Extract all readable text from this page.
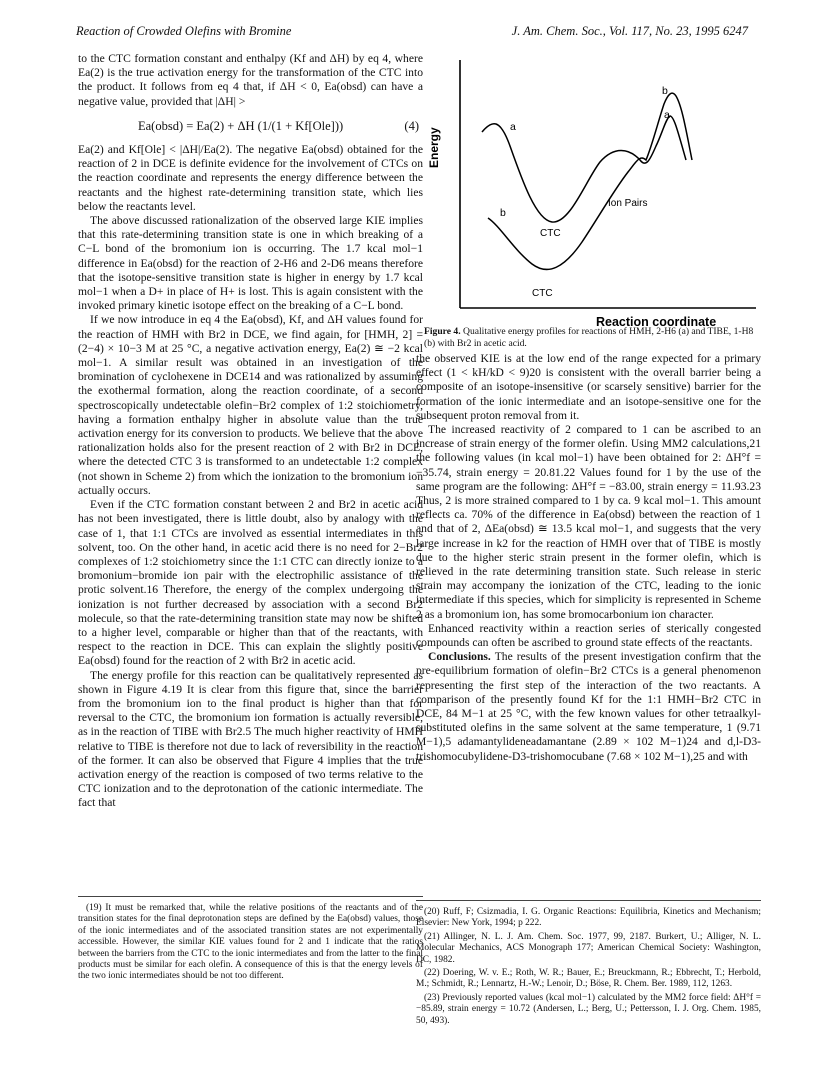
Reaction of Crowded Olefins with Bromine	J. Am. Chem. Soc., Vol. 117, No. 23, 1995 6247

to the CTC formation constant and enthalpy (Kf and ΔH) by eq 4, where Ea(2) is the true activation energy for the transformation of the CTC into the product. It follows from eq 4 that, if ΔH < 0, Ea(obsd) can have a negative value, provided that |ΔH| >

Ea(obsd) = Ea(2) + ΔH (1/(1 + Kf[Ole]))	(4)

Ea(2) and Kf[Ole] < |ΔH|/Ea(2). The negative Ea(obsd) obtained for the reaction of 2 in DCE is definite evidence for the involvement of CTCs on the reaction coordinate and represents the energy difference between the reactants and the highest rate-determining transition state, which lies below the reactants level.

The above discussed rationalization of the observed large KIE implies that this rate-determining transition state is one in which breaking of a C−L bond of the bromonium ion is occurring. The 1.7 kcal mol−1 difference in Ea(obsd) for the reaction of 2-H6 and 2-D6 means therefore that the isotope-sensitive transition state is higher in energy by 1.7 kcal mol−1 when a D+ in place of H+ is lost. This is again consistent with the invoked primary kinetic isotope effect on the breaking of a C−L bond.

If we now introduce in eq 4 the Ea(obsd), Kf, and ΔH values found for the reaction of HMH with Br2 in DCE, we find again, for [HMH, 2] = (2−4) × 10−3 M at 25 °C, a negative activation energy, Ea(2) ≅ −2 kcal mol−1. A similar result was obtained in an investigation of the bromination of cyclohexene in DCE14 and was rationalized by assuming the exothermal formation, along the reaction coordinate, of a second spectroscopically undetectable olefin−Br2 complex of 1:2 stoichiometry, having a formation enthalpy higher in absolute value than the true activation energy for its conversion to products. We believe that the above rationalization holds also for the present reaction of 2 with Br2 in DCE, where the detected CTC 3 is transformed to an undetectable 1:2 complex (not shown in Scheme 2) from which the ionization to the bromonium ion actually occurs.

Even if the CTC formation constant between 2 and Br2 in acetic acid has not been investigated, there is little doubt, also by analogy with the case of 1, that 1:1 CTCs are involved as essential intermediates in this solvent, too. On the other hand, in acetic acid there is no need for 2−Br2 complexes of 1:2 stoichiometry since the 1:1 CTC can directly ionize to a bromonium−bromide ion pair with the electrophilic assistance of the protic solvent.16 Therefore, the energy of the complex undergoing the ionization is not further decreased by association with a second Br2 molecule, so that the rate-determining transition state may now be shifted to a higher level, comparable or higher than that of the reactants, with respect to the reaction in DCE. This can explain the slightly positive Ea(obsd) found for the reaction of 2 with Br2 in acetic acid.

The energy profile for this reaction can be qualitatively represented as shown in Figure 4.19 It is clear from this figure that, since the barrier from the bromonium ion to the final product is higher than that for reversal to the CTC, the bromonium ion formation is actually reversible, as in the reaction of TIBE with Br2.5 The much higher reactivity of HMH relative to TIBE is therefore not due to lack of reversibility in the reaction of the former. It can also be observed that Figure 4 implies that the true activation energy of the reaction is composed of two terms relative to the CTC ionization and to the deprotonation of the cationic intermediate. The fact that

(19) It must be remarked that, while the relative positions of the reactants and of the transition states for the final deprotonation steps are defined by the Ea(obsd) values, those of the ionic intermediates and of the associated transition states are not experimentally accessible. However, the similar KIE values found for 2 and 1 indicate that the ratios between the barriers from the CTC to the ionic intermediates and from the latter to the final products must be similar for each olefin. A consequence of this is that the energy levels of the two ionic intermediates should be not too different.

Energy
Reaction coordinate
a
b
a
b
Ion Pairs
CTC
CTC
Figure 4. Qualitative energy profiles for reactions of HMH, 2-H6 (a) and TIBE, 1-H8 (b) with Br2 in acetic acid.

the observed KIE is at the low end of the range expected for a primary effect (1 < kH/kD < 9)20 is consistent with the overall barrier being a composite of an isotope-insensitive (or scarsely sensitive) barrier for the formation of the ionic intermediate and an isotope-sensitive one for the subsequent proton removal from it.

The increased reactivity of 2 compared to 1 can be ascribed to an increase of strain energy of the former olefin. Using MM2 calculations,21 the following values (in kcal mol−1) have been obtained for 2: ΔH°f = −35.74, strain energy = 20.81.22 Values found for 1 by the use of the same program are the following: ΔH°f = −83.00, strain energy = 11.93.23 Thus, 2 is more strained compared to 1 by ca. 9 kcal mol−1. This amount reflects ca. 70% of the difference in Ea(obsd) between the reaction of 1 and that of 2, ΔEa(obsd) ≅ 13.5 kcal mol−1, and suggests that the very large increase in k2 for the reaction of HMH over that of TIBE is mostly due to the higher steric strain present in the former olefin, which is relieved in the rate determining transition state. Such release in steric strain may accompany the ionization of the CTC, leading to the ionic intermediate if this species, which for simplicity is represented in Scheme 2 as a bromonium ion, has some bromocarbonium ion character.

Enhanced reactivity within a reaction series of sterically congested compounds can often be ascribed to ground state effects of the reactants.

Conclusions. The results of the present investigation confirm that the pre-equilibrium formation of olefin−Br2 CTCs is a general phenomenon representing the first step of the interaction of the two reactants. A comparison of the presently found Kf for the 1:1 HMH−Br2 CTC in DCE, 84 M−1 at 25 °C, with the few known values for other tetraalkyl-substituted olefins in the same solvent at the same temperature, 1 (9.71 M−1),5 adamantylideneadamantane (2.89 × 102 M−1)24 and d,l-D3-trishomocubylidene-D3-trishomocubane (7.68 × 102 M−1),25 and with

(20) Ruff, F; Csizmadia, I. G. Organic Reactions: Equilibria, Kinetics and Mechanism; Elsevier: New York, 1994; p 222.

(21) Allinger, N. L. J. Am. Chem. Soc. 1977, 99, 2187. Burkert, U.; Alliger, N. L. Molecular Mechanics, ACS Monograph 177; American Chemical Society: Washington, DC, 1982.

(22) Doering, W. v. E.; Roth, W. R.; Bauer, E.; Breuckmann, R.; Ebbrecht, T.; Herbold, M.; Schmidt, R.; Lennartz, H.-W.; Lenoir, D.; Böse, R. Chem. Ber. 1989, 112, 1263.

(23) Previously reported values (kcal mol−1) calculated by the MM2 force field: ΔH°f = −85.89, strain energy = 10.72 (Andersen, L.; Berg, U.; Pettersson, I. J. Org. Chem. 1985, 50, 493).
